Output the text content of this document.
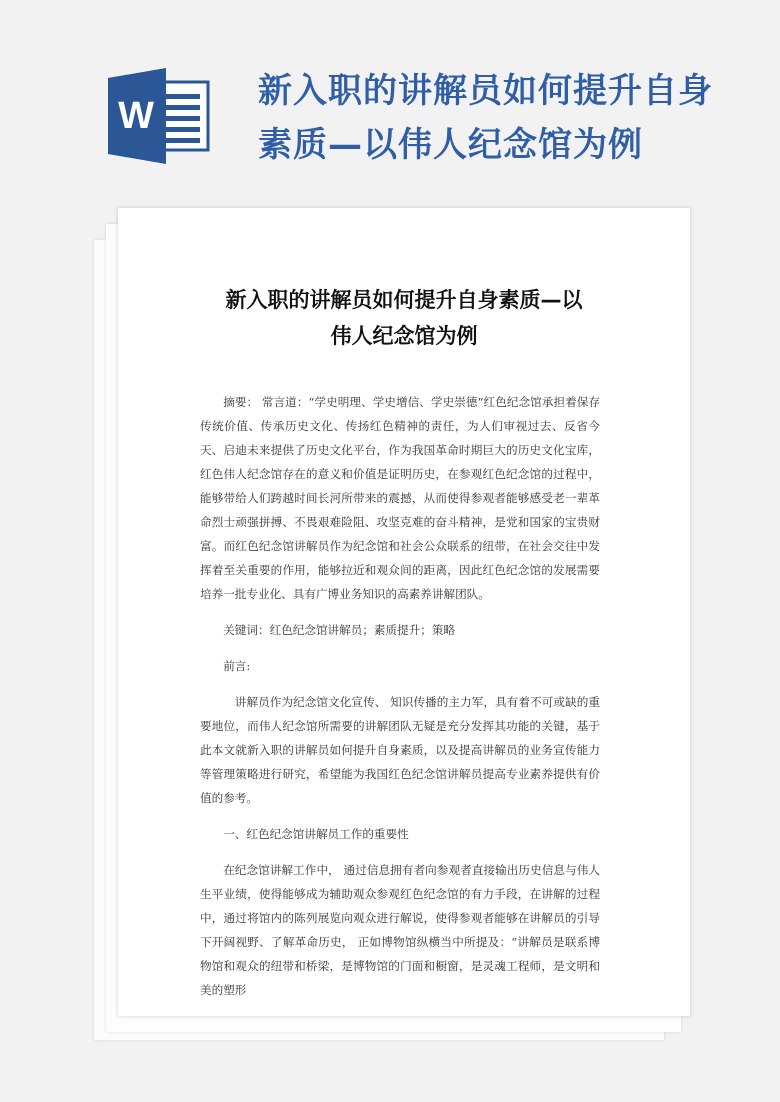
W
新入职的讲解员如何提升自身
素质—以伟人纪念馆为例
新入职的讲解员如何提升自身素质—以
伟人纪念馆为例

摘要： 常言道：“学史明理、学史增信、学史崇德”红色纪念馆承担着保存传统价值、传承历史文化、传扬红色精神的责任，为人们审视过去、反省今天、启迪未来提供了历史文化平台，作为我国革命时期巨大的历史文化宝库，红色伟人纪念馆存在的意义和价值是证明历史，在参观红色纪念馆的过程中，能够带给人们跨越时间长河所带来的震撼，从而使得参观者能够感受老一辈革命烈士顽强拼搏、不畏艰难险阻、攻坚克难的奋斗精神，是党和国家的宝贵财富。而红色纪念馆讲解员作为纪念馆和社会公众联系的纽带，在社会交往中发挥着至关重要的作用，能够拉近和观众间的距离，因此红色纪念馆的发展需要培养一批专业化、具有广博业务知识的高素养讲解团队。

关键词：红色纪念馆讲解员；素质提升；策略

前言:

讲解员作为纪念馆文化宣传、 知识传播的主力军，具有着不可或缺的重要地位，而伟人纪念馆所需要的讲解团队无疑是充分发挥其功能的关键，基于此本文就新入职的讲解员如何提升自身素质，以及提高讲解员的业务宣传能力等管理策略进行研究，希望能为我国红色纪念馆讲解员提高专业素养提供有价值的参考。

一、红色纪念馆讲解员工作的重要性

在纪念馆讲解工作中， 通过信息拥有者向参观者直接输出历史信息与伟人生平业绩，使得能够成为辅助观众参观红色纪念馆的有力手段，在讲解的过程中，通过将馆内的陈列展览向观众进行解说，使得参观者能够在讲解员的引导下开阔视野、了解革命历史， 正如博物馆纵横当中所提及：“讲解员是联系博物馆和观众的纽带和桥梁，是博物馆的门面和橱窗，是灵魂工程师，是文明和美的塑形
